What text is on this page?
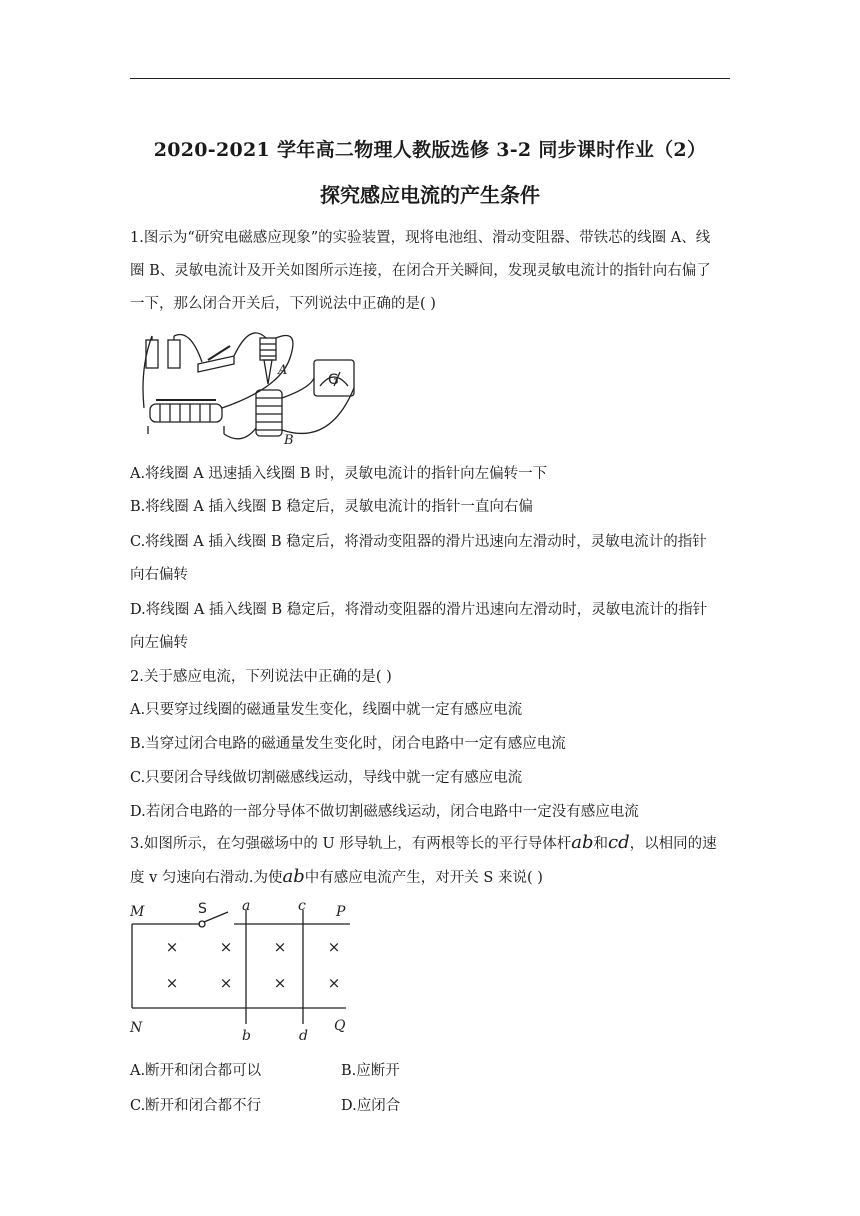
2020-2021 学年高二物理人教版选修 3-2 同步课时作业（2）
探究感应电流的产生条件
1.图示为“研究电磁感应现象”的实验装置，现将电池组、滑动变阻器、带铁芯的线圈 A、线
圈 B、灵敏电流计及开关如图所示连接，在闭合开关瞬间，发现灵敏电流计的指针向右偏了
一下，那么闭合开关后，下列说法中正确的是( )
A
B
G
A.将线圈 A 迅速插入线圈 B 时，灵敏电流计的指针向左偏转一下
B.将线圈 A 插入线圈 B 稳定后，灵敏电流计的指针一直向右偏
C.将线圈 A 插入线圈 B 稳定后，将滑动变阻器的滑片迅速向左滑动时，灵敏电流计的指针
向右偏转
D.将线圈 A 插入线圈 B 稳定后，将滑动变阻器的滑片迅速向左滑动时，灵敏电流计的指针
向左偏转
2.关于感应电流，下列说法中正确的是( )
A.只要穿过线圈的磁通量发生变化，线圈中就一定有感应电流
B.当穿过闭合电路的磁通量发生变化时，闭合电路中一定有感应电流
C.只要闭合导线做切割磁感线运动，导线中就一定有感应电流
D.若闭合电路的一部分导体不做切割磁感线运动，闭合电路中一定没有感应电流
3.如图所示，在匀强磁场中的 U 形导轨上，有两根等长的平行导体杆ab和cd，以相同的速
度 v 匀速向右滑动.为使ab中有感应电流产生，对开关 S 来说( )
×	×	×	×
×	×	×	×
M
N
P
Q
a
b
c
d
S
A.断开和闭合都可以	B.应断开
C.断开和闭合都不行	D.应闭合
